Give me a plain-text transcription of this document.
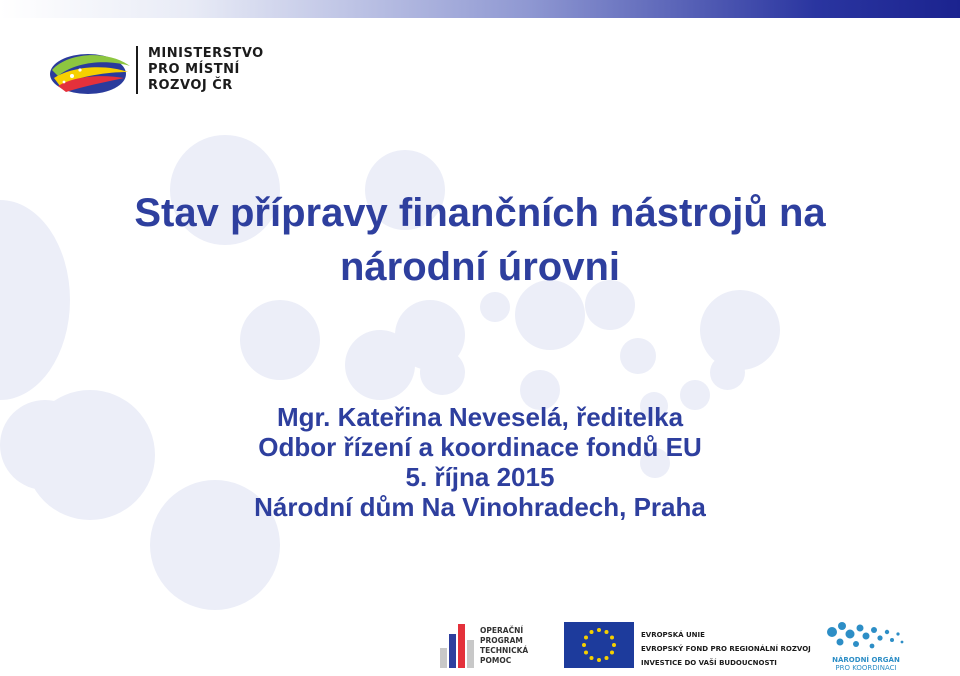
MINISTERSTVO
PRO MÍSTNÍ
ROZVOJ ČR
Stav přípravy finančních nástrojů na
národní úrovni
Mgr. Kateřina Neveselá, ředitelka
Odbor řízení a koordinace fondů EU
5. října 2015
Národní dům Na Vinohradech, Praha
OPERAČNÍ
PROGRAM
TECHNICKÁ
POMOC
EVROPSKÁ UNIE
EVROPSKÝ FOND PRO REGIONÁLNÍ ROZVOJ
INVESTICE DO VAŠÍ BUDOUCNOSTI	NÁRODNÍ ORGÁN
PRO KOORDINACI
